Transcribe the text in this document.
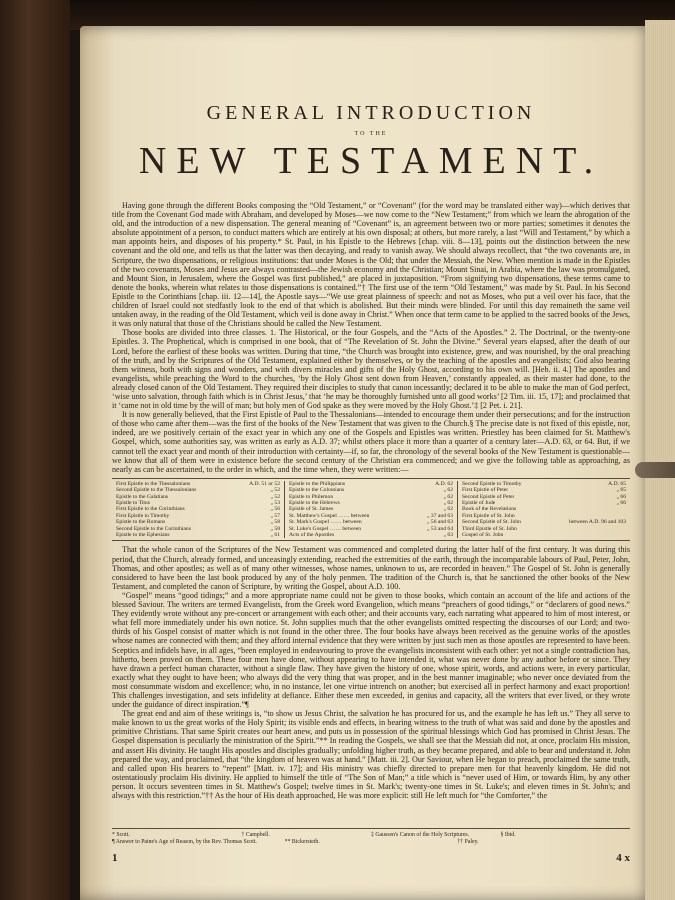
GENERAL INTRODUCTION
TO THE
NEW TESTAMENT.

Having gone through the different Books composing the “Old Testament,” or “Covenant” (for the word may be translated either way)—which derives that title from the Covenant God made with Abraham, and developed by Moses—we now come to the “New Testament;” from which we learn the abrogation of the old, and the introduction of a new dispensation. The general meaning of “Covenant” is, an agreement between two or more parties; sometimes it denotes the absolute appointment of a person, to conduct matters which are entirely at his own disposal; at others, but more rarely, a last “Will and Testament,” by which a man appoints heirs, and disposes of his property.* St. Paul, in his Epistle to the Hebrews [chap. viii. 8—13], points out the distinction between the new covenant and the old one, and tells us that the latter was then decaying, and ready to vanish away. We should always recollect, that “the two covenants are, in Scripture, the two dispensations, or religious institutions: that under Moses is the Old; that under the Messiah, the New. When mention is made in the Epistles of the two covenants, Moses and Jesus are always contrasted—the Jewish economy and the Christian; Mount Sinai, in Arabia, where the law was promulgated, and Mount Sion, in Jerusalem, where the Gospel was first published,” are placed in juxtaposition. “From signifying two dispensations, these terms came to denote the books, wherein what relates to those dispensations is contained.”† The first use of the term “Old Testament,” was made by St. Paul. In his Second Epistle to the Corinthians [chap. iii. 12—14], the Apostle says—“We use great plainness of speech: and not as Moses, who put a veil over his face, that the children of Israel could not stedfastly look to the end of that which is abolished. But their minds were blinded. For until this day remaineth the same veil untaken away, in the reading of the Old Testament, which veil is done away in Christ.” When once that term came to be applied to the sacred books of the Jews, it was only natural that those of the Christians should be called the New Testament.

Those books are divided into three classes. 1. The Historical, or the four Gospels, and the “Acts of the Apostles.” 2. The Doctrinal, or the twenty-one Epistles. 3. The Prophetical, which is comprised in one book, that of “The Revelation of St. John the Divine.” Several years elapsed, after the death of our Lord, before the earliest of these books was written. During that time, “the Church was brought into existence, grew, and was nourished, by the oral preaching of the truth, and by the Scriptures of the Old Testament, explained either by themselves, or by the teaching of the apostles and evangelists; God also bearing them witness, both with signs and wonders, and with divers miracles and gifts of the Holy Ghost, according to his own will. [Heb. ii. 4.] The apostles and evangelists, while preaching the Word to the churches, ‘by the Holy Ghost sent down from Heaven,’ constantly appealed, as their master had done, to the already closed canon of the Old Testament. They required their disciples to study that canon incessantly; declared it to be able to make the man of God perfect, ‘wise unto salvation, through faith which is in Christ Jesus,’ that ‘he may be thoroughly furnished unto all good works’ [2 Tim. iii. 15, 17]; and proclaimed that it ‘came not in old time by the will of man; but holy men of God spake as they were moved by the Holy Ghost.’‡ [2 Pet. i. 21].

It is now generally believed, that the First Epistle of Paul to the Thessalonians—intended to encourage them under their persecutions; and for the instruction of those who came after them—was the first of the books of the New Testament that was given to the Church.§ The precise date is not fixed of this epistle, nor, indeed, are we positively certain of the exact year in which any one of the Gospels and Epistles was written. Priestley has been claimed for St. Matthew's Gospel, which, some authorities say, was written as early as A.D. 37; whilst others place it more than a quarter of a century later—A.D. 63, or 64. But, if we cannot tell the exact year and month of their introduction with certainty—if, so far, the chronology of the several books of the New Testament is questionable—we know that all of them were in existence before the second century of the Christian era commenced; and we give the following table as approaching, as nearly as can be ascertained, to the order in which, and the time when, they were written:—

First Epistle to the Thessalonians	A.D. 51 or 52
Second Epistle to the Thessalonians	„ 52
Epistle to the Galatians	„ 52
Epistle to Titus	„ 53
First Epistle to the Corinthians	„ 56
First Epistle to Timothy	„ 57
Epistle to the Romans	„ 58
Second Epistle to the Corinthians	„ 58
Epistle to the Ephesians	„ 61
Epistle to the Philippians	A.D. 62
Epistle to the Colossians	„ 62
Epistle to Philemon	„ 62
Epistle to the Hebrews	„ 62
Epistle of St. James	„ 62
St. Matthew's Gospel …… between	„ 37 and 63
St. Mark's Gospel …… between	„ 56 and 63
St. Luke's Gospel …… between	„ 53 and 64
Acts of the Apostles	„ 63
Second Epistle to Timothy	A.D. 65
First Epistle of Peter	„ 65
Second Epistle of Peter	„ 66
Epistle of Jude	„ 66
Book of the Revelations
First Epistle of St. John
Second Epistle of St. John	between A.D. 96 and 103
Third Epistle of St. John
Gospel of St. John

That the whole canon of the Scriptures of the New Testament was commenced and completed during the latter half of the first century. It was during this period, that the Church, already formed, and unceasingly extending, reached the extremities of the earth, through the incomparable labours of Paul, Peter, John, Thomas, and other apostles; as well as of many other witnesses, whose names, unknown to us, are recorded in heaven.” The Gospel of St. John is generally considered to have been the last book produced by any of the holy penmen. The tradition of the Church is, that he sanctioned the other books of the New Testament, and completed the canon of Scripture, by writing the Gospel, about A.D. 100.

“Gospel” means “good tidings;” and a more appropriate name could not be given to those books, which contain an account of the life and actions of the blessed Saviour. The writers are termed Evangelists, from the Greek word Evangelion, which means “preachers of good tidings,” or “declarers of good news.” They evidently wrote without any pre-concert or arrangement with each other; and their accounts vary, each narrating what appeared to him of most interest, or what fell more immediately under his own notice. St. John supplies much that the other evangelists omitted respecting the discourses of our Lord; and two-thirds of his Gospel consist of matter which is not found in the other three. The four books have always been received as the genuine works of the apostles whose names are connected with them; and they afford internal evidence that they were written by just such men as those apostles are represented to have been. Sceptics and infidels have, in all ages, “been employed in endeavouring to prove the evangelists inconsistent with each other: yet not a single contradiction has, hitherto, been proved on them. These four men have done, without appearing to have intended it, what was never done by any author before or since. They have drawn a perfect human character, without a single flaw. They have given the history of one, whose spirit, words, and actions were, in every particular, exactly what they ought to have been; who always did the very thing that was proper, and in the best manner imaginable; who never once deviated from the most consummate wisdom and excellence; who, in no instance, let one virtue intrench on another; but exercised all in perfect harmony and exact proportion! This challenges investigation, and sets infidelity at defiance. Either these men exceeded, in genius and capacity, all the writers that ever lived, or they wrote under the guidance of direct inspiration.”¶

The great end and aim of these writings is, “to show us Jesus Christ, the salvation he has procured for us, and the example he has left us.” They all serve to make known to us the great works of the Holy Spirit; its visible ends and effects, in bearing witness to the truth of what was said and done by the apostles and primitive Christians. That same Spirit creates our heart anew, and puts us in possession of the spiritual blessings which God has promised in Christ Jesus. The Gospel dispensation is peculiarly the ministration of the Spirit.”** In reading the Gospels, we shall see that the Messiah did not, at once, proclaim His mission, and assert His divinity. He taught His apostles and disciples gradually; unfolding higher truth, as they became prepared, and able to bear and understand it. John prepared the way, and proclaimed, that “the kingdom of heaven was at hand.” [Matt. iii. 2]. Our Saviour, when He began to preach, proclaimed the same truth, and called upon His hearers to “repent” [Matt. iv. 17]; and His ministry was chiefly directed to prepare men for that heavenly kingdom. He did not ostentatiously proclaim His divinity. He applied to himself the title of “The Son of Man;” a title which is “never used of Him, or towards Him, by any other person. It occurs seventeen times in St. Matthew's Gospel; twelve times in St. Mark's; twenty-one times in St. Luke's; and eleven times in St. John's; and always with this restriction.”†† As the hour of His death approached, He was more explicit: still He left much for “the Comforter,” the

* Scott.	† Campbell.	‡ Gaussen's Canon of the Holy Scriptures.	§ Ibid.
¶ Answer to Paine's Age of Reason, by the Rev. Thomas Scott.	** Bickersteth.	†† Paley.
1	4 x
